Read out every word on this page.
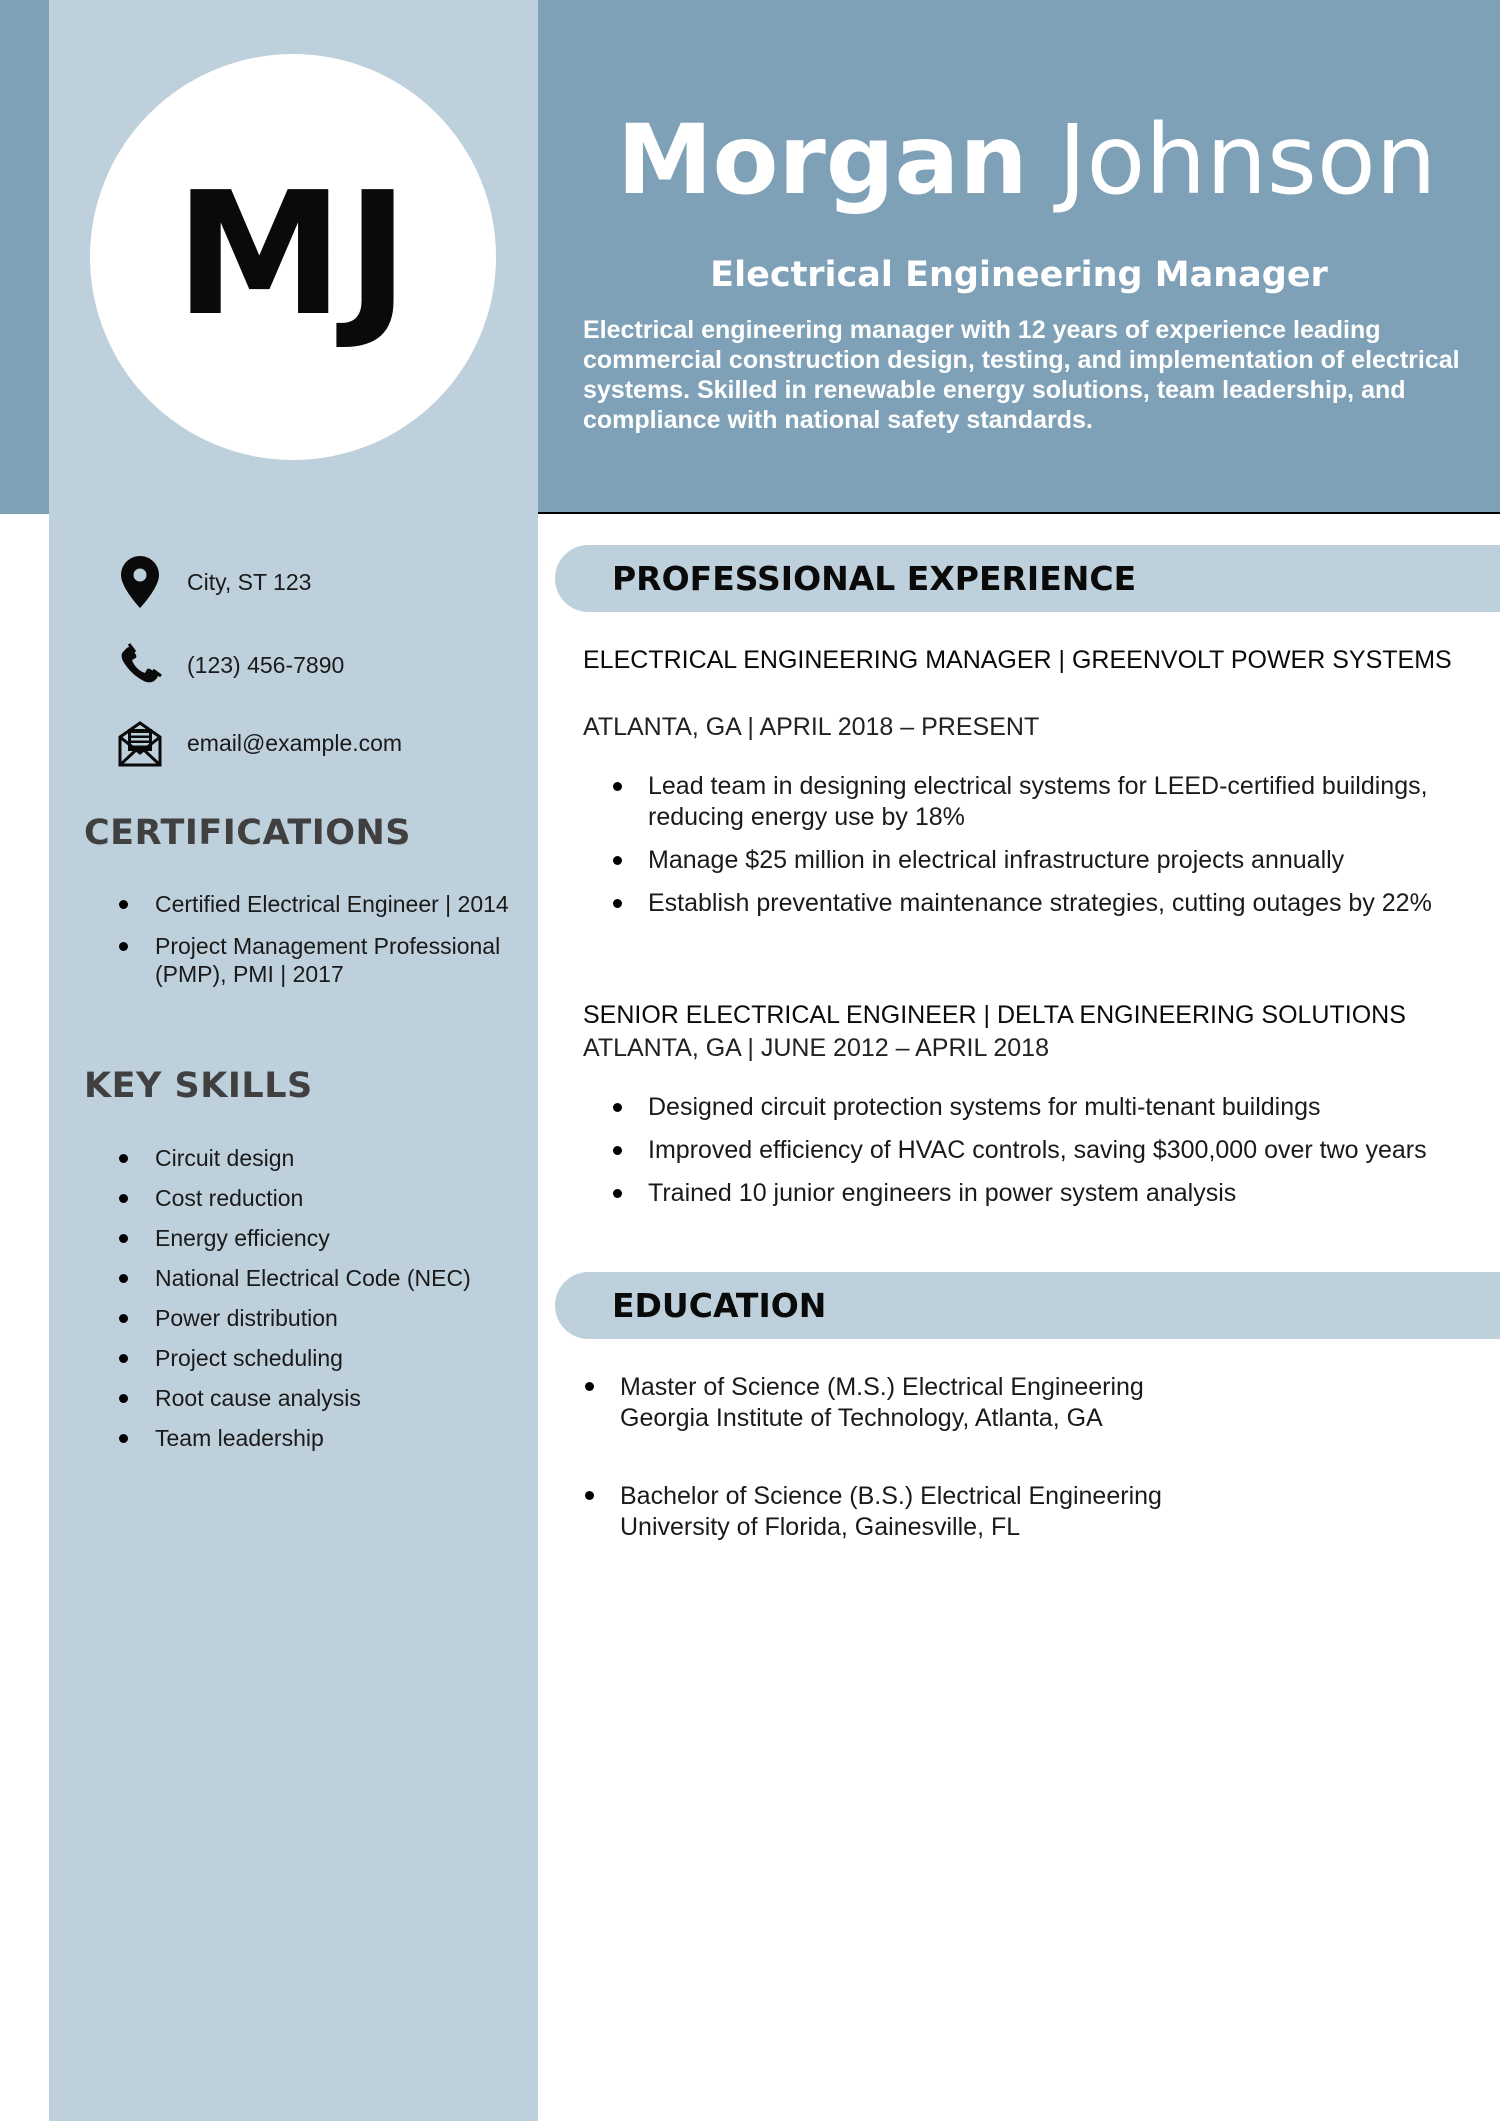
MJ Morgan Johnson
Electrical Engineering Manager
Electrical engineering manager with 12 years of experience leading commercial construction design, testing, and implementation of electrical systems. Skilled in renewable energy solutions, team leadership, and compliance with national safety standards.
City, ST 123
(123) 456-7890
email@example.com
CERTIFICATIONS
Certified Electrical Engineer | 2014
Project Management Professional (PMP), PMI | 2017
KEY SKILLS
Circuit design
Cost reduction
Energy efficiency
National Electrical Code (NEC)
Power distribution
Project scheduling
Root cause analysis
Team leadership
PROFESSIONAL EXPERIENCE
ELECTRICAL ENGINEERING MANAGER | GREENVOLT POWER SYSTEMS
ATLANTA, GA | APRIL 2018 – PRESENT
Lead team in designing electrical systems for LEED-certified buildings, reducing energy use by 18%
Manage $25 million in electrical infrastructure projects annually
Establish preventative maintenance strategies, cutting outages by 22%
SENIOR ELECTRICAL ENGINEER | DELTA ENGINEERING SOLUTIONS
ATLANTA, GA | JUNE 2012 – APRIL 2018
Designed circuit protection systems for multi-tenant buildings
Improved efficiency of HVAC controls, saving $300,000 over two years
Trained 10 junior engineers in power system analysis
EDUCATION
Master of Science (M.S.) Electrical Engineering
Georgia Institute of Technology, Atlanta, GA
Bachelor of Science (B.S.) Electrical Engineering
University of Florida, Gainesville, FL
